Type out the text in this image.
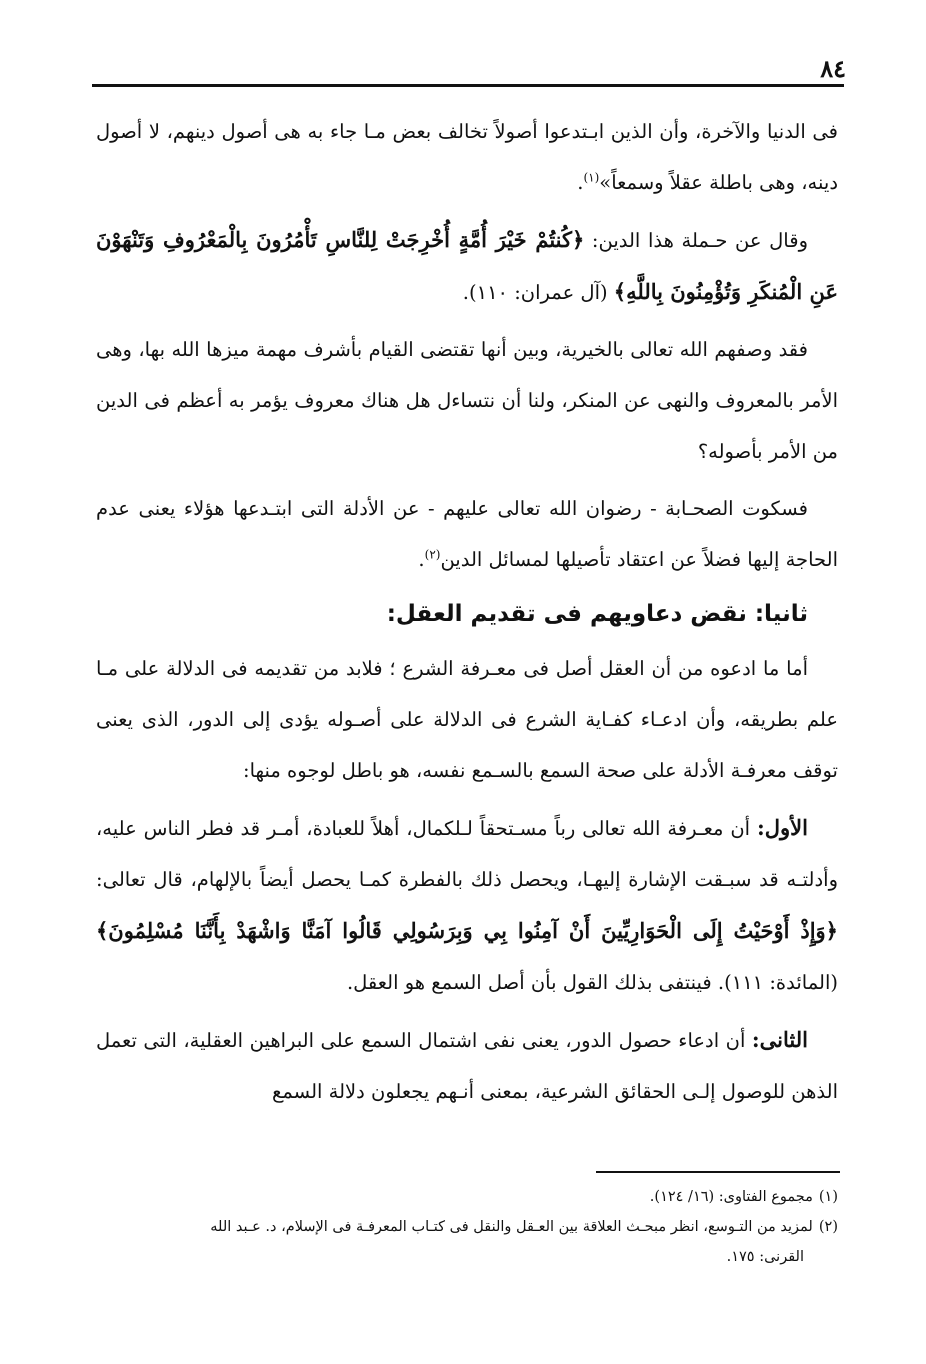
٨٤

فى الدنيا والآخرة، وأن الذين ابـتدعوا أصولاً تخالف بعض مـا جاء به هى أصول دينهم، لا أصول دينه، وهى باطلة عقلاً وسمعاً»$^{(١)}$.

وقال عن حـملة هذا الدين: ﴿كُنتُمْ خَيْرَ أُمَّةٍ أُخْرِجَتْ لِلنَّاسِ تَأْمُرُونَ بِالْمَعْرُوفِ وَتَنْهَوْنَ عَنِ الْمُنكَرِ وَتُؤْمِنُونَ بِاللَّهِ﴾ (آل عمران: ١١٠).

فقد وصفهم الله تعالى بالخيرية، وبين أنها تقتضى القيام بأشرف مهمة ميزها الله بها، وهى الأمر بالمعروف والنهى عن المنكر، ولنا أن نتساءل هل هناك معروف يؤمر به أعظم فى الدين من الأمر بأصوله؟

فسكوت الصحـابة - رضوان الله تعالى عليهم - عن الأدلة التى ابتـدعها هؤلاء يعنى عدم الحاجة إليها فضلاً عن اعتقاد تأصيلها لمسائل الدين$^{(٢)}$.

ثانيا: نقض دعاويهم فى تقديم العقل:

أما ما ادعوه من أن العقل أصل فى معـرفة الشرع ؛ فلابد من تقديمه فى الدلالة على مـا علم بطريقه، وأن ادعـاء كفـاية الشرع فى الدلالة على أصـوله يؤدى إلى الدور، الذى يعنى توقف معرفـة الأدلة على صحة السمع بالسـمع نفسه، هو باطل لوجوه منها:

الأول: أن معـرفة الله تعالى رباً مسـتحقاً لـلكمال، أهلاً للعبادة، أمـر قد فطر الناس عليه، وأدلتـه قد سبـقت الإشارة إليهـا، ويحصل ذلك بالفطرة كمـا يحصل أيضاً بالإلهام، قال تعالى: ﴿وَإِذْ أَوْحَيْتُ إِلَى الْحَوَارِيِّينَ أَنْ آمِنُوا بِي وَبِرَسُولِي قَالُوا آمَنَّا وَاشْهَدْ بِأَنَّنَا مُسْلِمُونَ﴾ (المائدة: ١١١). فينتفى بذلك القول بأن أصل السمع هو العقل.

الثانى: أن ادعاء حصول الدور، يعنى نفى اشتمال السمع على البراهين العقلية، التى تعمل الذهن للوصول إلـى الحقائق الشرعية، بمعنى أنـهم يجعلون دلالة السمع

(١)مجموع الفتاوى: (١٦/ ١٢٤).

(٢)لمزيد من التـوسع، انظر مبحـث العلاقة بين العـقل والنقل فى كتـاب المعرفـة فى الإسلام، د. عـبد الله

القرنى: ١٧٥.
